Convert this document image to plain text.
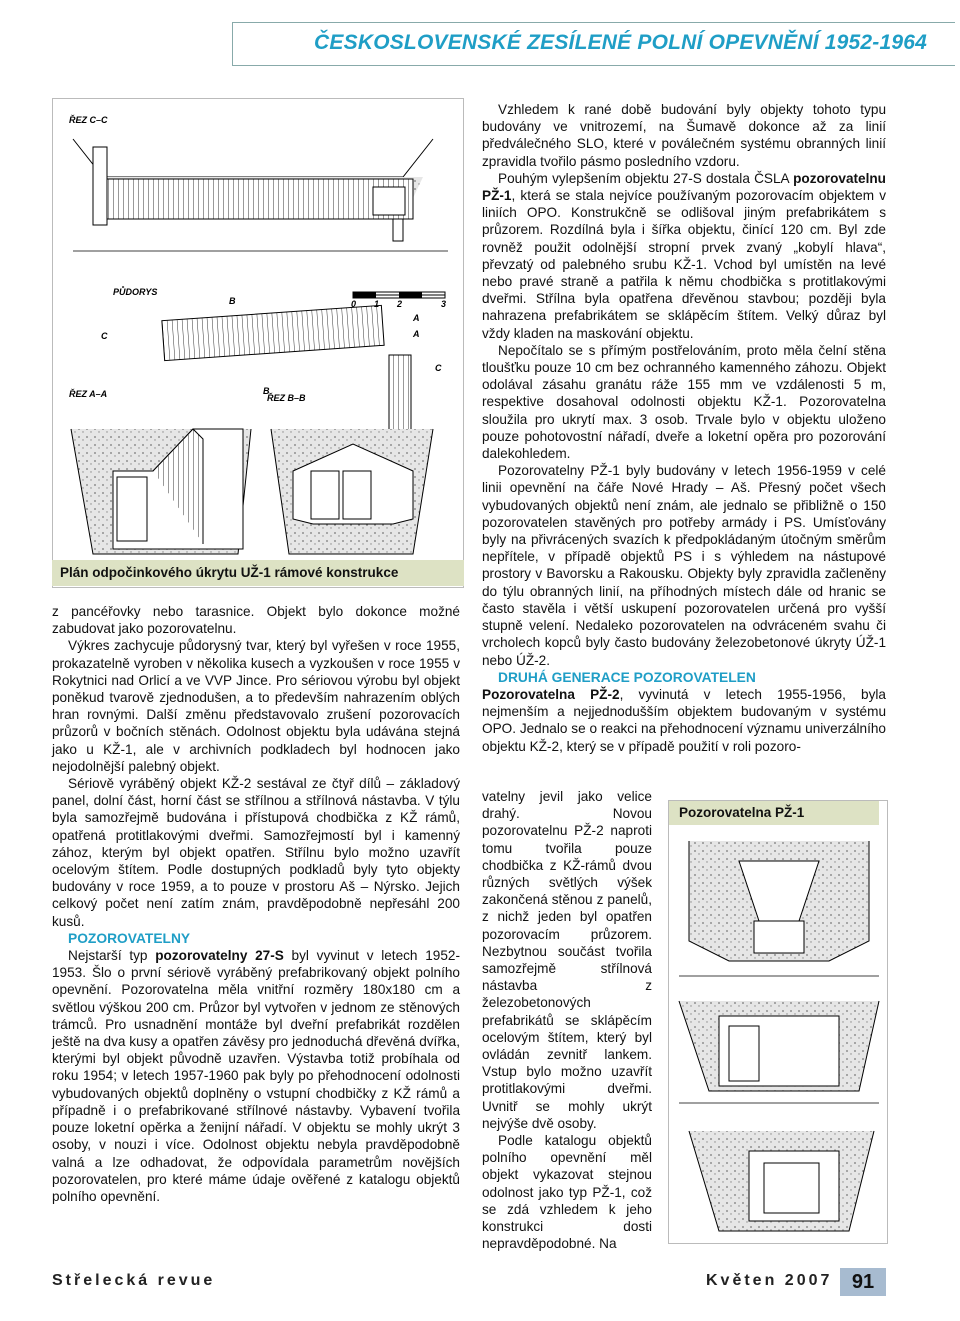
ČESKOSLOVENSKÉ ZESÍLENÉ POLNÍ OPEVNĚNÍ 1952-1964
ŘEZ C–C
PŮDORYS
B
B
A
A
C
C
0 1 2	3
ŘEZ A–A	ŘEZ B–B
Plán odpočinkového úkrytu UŽ-1 rámové konstrukce

z pancéřovky nebo tarasnice. Objekt bylo dokonce možné zabudovat jako pozorovatelnu.

Výkres zachycuje půdorysný tvar, který byl vyřešen v roce 1955, prokazatelně vyroben v několika kusech a vyzkoušen v roce 1955 v Rokytnici nad Orlicí a ve VVP Jince. Pro sériovou výrobu byl objekt poněkud tvarově zjednodušen, a to především nahrazením oblých hran rovnými. Další změnu představovalo zrušení pozorovacích průzorů v bočních stěnách. Odolnost objektu byla udávána stejná jako u KŽ-1, ale v archivních podkladech byl hodnocen jako nejodolnější palebný objekt.

Sériově vyráběný objekt KŽ-2 sestával ze čtyř dílů – základový panel, dolní část, horní část se střílnou a střílnová nástavba. V týlu byla samozřejmě budována i přístupová chodbička z KŽ rámů, opatřená protitlakovými dveřmi. Samozřejmostí byl i kamenný zához, kterým byl objekt opatřen. Střílnu bylo možno uzavřít ocelovým štítem. Podle dostupných podkladů byly tyto objekty budovány v roce 1959, a to pouze v prostoru Aš – Nýrsko. Jejich celkový počet není zatím znám, pravděpodobně nepřesáhl 200 kusů.

POZOROVATELNY

Nejstarší typ pozorovatelny 27-S byl vyvinut v letech 1952-1953. Šlo o první sériově vyráběný prefabrikovaný objekt polního opevnění. Pozorovatelna měla vnitřní rozměry 180x180 cm a světlou výškou 200 cm. Průzor byl vytvořen v jednom ze stěnových trámců. Pro usnadnění montáže byl dveřní prefabrikát rozdělen ještě na dva kusy a opatřen závěsy pro jednoduchá dřevěná dvířka, kterými byl objekt původně uzavřen. Výstavba totiž probíhala od roku 1954; v letech 1957-1960 pak byly po přehodnocení odolnosti vybudovaných objektů doplněny o vstupní chodbičky z KŽ rámů a případně i o prefabrikované střílnové nástavby. Vybavení tvořila pouze loketní opěrka a ženijní nářadí. V objektu se mohly ukrýt 3 osoby, v nouzi i více. Odolnost objektu nebyla pravděpodobně valná a lze odhadovat, že odpovídala parametrům novějších pozorovatelen, pro které máme údaje ověřené z katalogu objektů polního opevnění.

Vzhledem k rané době budování byly objekty tohoto typu budovány ve vnitrozemí, na Šumavě dokonce až za linií předválečného SLO, které v poválečném systému obranných linií zpravidla tvořilo pásmo posledního vzdoru.

Pouhým vylepšením objektu 27-S dostala ČSLA pozorovatelnu PŽ-1, která se stala nejvíce používaným pozorovacím objektem v liniích OPO. Konstrukčně se odlišoval jiným prefabrikátem s průzorem. Rozdílná byla i šířka objektu, činící 120 cm. Byl zde rovněž použit odolnější stropní prvek zvaný „kobylí hlava“, převzatý od palebného srubu KŽ-1. Vchod byl umístěn na levé nebo pravé straně a patřila k němu chodbička s protitlakovými dveřmi. Střílna byla opatřena dřevěnou stavbou; později byla nahrazena prefabrikátem se sklápěcím štítem. Velký důraz byl vždy kladen na maskování objektu.

Nepočítalo se s přímým postřelováním, proto měla čelní stěna tloušťku pouze 10 cm bez ochranného kamenného záhozu. Objekt odolával zásahu granátu ráže 155 mm ve vzdálenosti 5 m, respektive dosahoval odolnosti objektu KŽ-1. Pozorovatelna sloužila pro ukrytí max. 3 osob. Trvale bylo v objektu uloženo pouze pohotovostní nářadí, dveře a loketní opěra pro pozorování dalekohledem.

Pozorovatelny PŽ-1 byly budovány v letech 1956-1959 v celé linii opevnění na čáře Nové Hrady – Aš. Přesný počet všech vybudovaných objektů není znám, ale jednalo se přibližně o 150 pozorovatelen stavěných pro potřeby armády i PS. Umísťovány byly na přivrácených svazích k předpokládaným útočným směrům nepřítele, v případě objektů PS i s výhledem na nástupové prostory v Bavorsku a Rakousku. Objekty byly zpravidla začleněny do týlu obranných linií, na příhodných místech dále od hranic se často stavěla i větší uskupení pozorovatelen určená pro vyšší stupně velení. Nedaleko pozorovatelen na odvráceném svahu či vrcholech kopců byly často budovány železobetonové úkryty ÚŽ-1 nebo ÚŽ-2.

DRUHÁ GENERACE POZOROVATELEN

Pozorovatelna PŽ-2, vyvinutá v letech 1955-1956, byla nejmenším a nejjednodušším objektem budovaným v systému OPO. Jednalo se o reakci na přehodnocení významu univerzálního objektu KŽ-2, který se v případě použití v roli pozoro-

vatelny jevil jako velice drahý. Novou pozorovatelnu PŽ-2 naproti tomu tvořila pouze chodbička z KŽ-rámů dvou různých světlých výšek zakončená stěnou z panelů, z nichž jeden byl opatřen pozorovacím průzorem. Nezbytnou součást tvořila samozřejmě střílnová nástavba z železobetonových prefabrikátů se sklápěcím ocelovým štítem, který byl ovládán zevnitř lankem. Vstup bylo možno uzavřít protitlakovými dveřmi. Uvnitř se mohly ukrýt nejvýše dvě osoby.

Podle katalogu objektů polního opevnění měl objekt vykazovat stejnou odolnost jako typ PŽ-1, což se zdá vzhledem k jeho konstrukci dosti nepravděpodobné. Na

Pozorovatelna PŽ-1
Střelecká revue	Květen 2007 91
